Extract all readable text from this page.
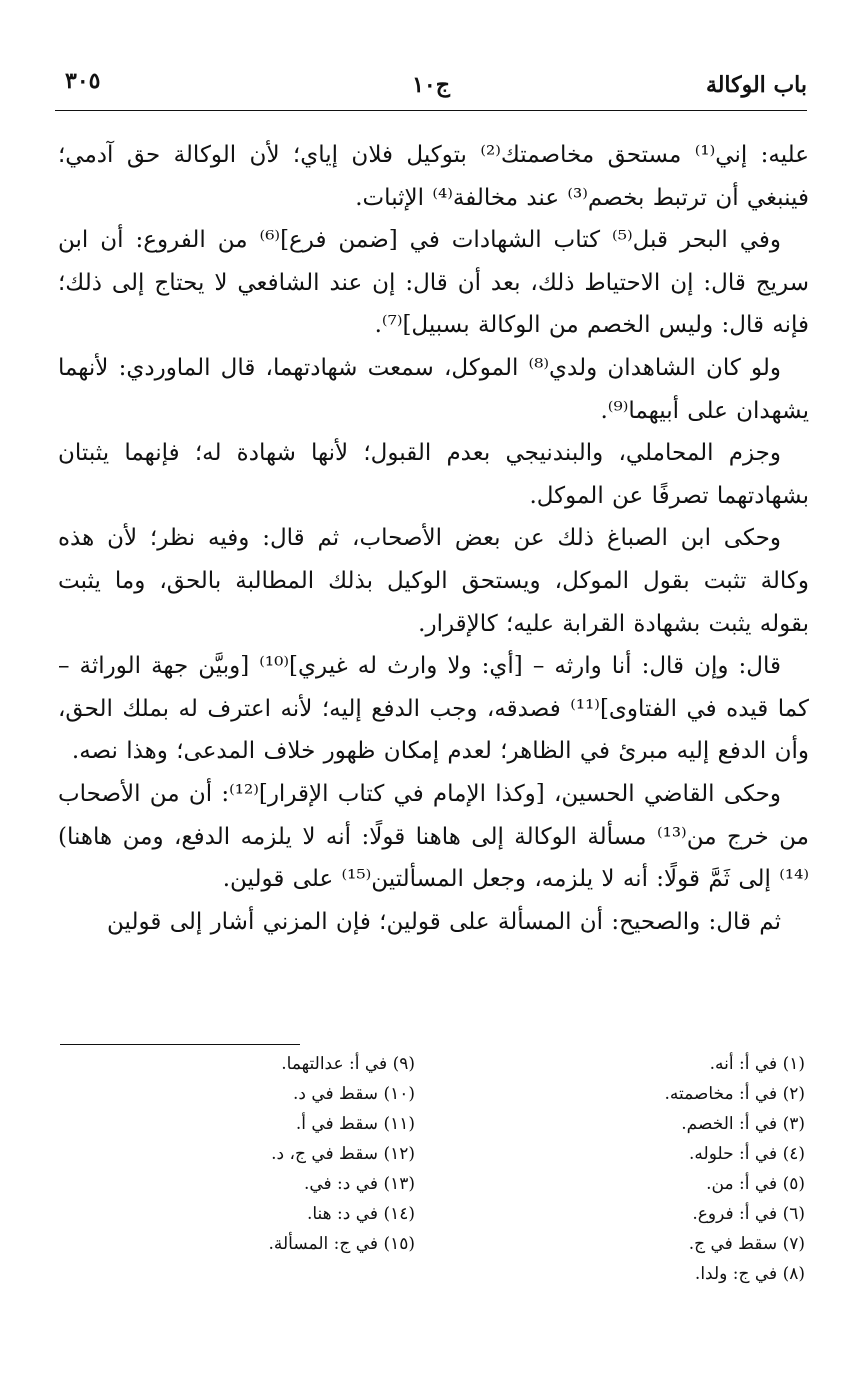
باب الوكالة
ج١٠
٣٠٥

عليه: إني⁽¹⁾ مستحق مخاصمتك⁽²⁾ بتوكيل فلان إياي؛ لأن الوكالة حق آدمي؛ فينبغي أن ترتبط بخصم⁽³⁾ عند مخالفة⁽⁴⁾ الإثبات.

وفي البحر قبل⁽⁵⁾ كتاب الشهادات في [ضمن فرع]⁽⁶⁾ من الفروع: أن ابن سريج قال: إن الاحتياط ذلك، بعد أن قال: إن عند الشافعي لا يحتاج إلى ذلك؛ فإنه قال: وليس الخصم من الوكالة بسبيل]⁽⁷⁾.

ولو كان الشاهدان ولدي⁽⁸⁾ الموكل، سمعت شهادتهما، قال الماوردي: لأنهما يشهدان على أبيهما⁽⁹⁾.

وجزم المحاملي، والبندنيجي بعدم القبول؛ لأنها شهادة له؛ فإنهما يثبتان بشهادتهما تصرفًا عن الموكل.

وحكى ابن الصباغ ذلك عن بعض الأصحاب، ثم قال: وفيه نظر؛ لأن هذه وكالة تثبت بقول الموكل، ويستحق الوكيل بذلك المطالبة بالحق، وما يثبت بقوله يثبت بشهادة القرابة عليه؛ كالإقرار.

قال: وإن قال: أنا وارثه – [أي: ولا وارث له غيري]⁽¹⁰⁾ [وبيَّن جهة الوراثة – كما قيده في الفتاوى]⁽¹¹⁾ فصدقه، وجب الدفع إليه؛ لأنه اعترف له بملك الحق، وأن الدفع إليه مبرئ في الظاهر؛ لعدم إمكان ظهور خلاف المدعى؛ وهذا نصه.

وحكى القاضي الحسين، [وكذا الإمام في كتاب الإقرار]⁽¹²⁾: أن من الأصحاب من خرج من⁽¹³⁾ مسألة الوكالة إلى هاهنا قولًا: أنه لا يلزمه الدفع، ومن هاهنا)⁽¹⁴⁾ إلى ثَمَّ قولًا: أنه لا يلزمه، وجعل المسألتين⁽¹⁵⁾ على قولين.

ثم قال: والصحيح: أن المسألة على قولين؛ فإن المزني أشار إلى قولين

(١) في أ: أنه.
(٢) في أ: مخاصمته.
(٣) في أ: الخصم.
(٤) في أ: حلوله.
(٥) في أ: من.
(٦) في أ: فروع.
(٧) سقط في ج.
(٨) في ج: ولدا.
(٩) في أ: عدالتهما.
(١٠) سقط في د.
(١١) سقط في أ.
(١٢) سقط في ج، د.
(١٣) في د: في.
(١٤) في د: هنا.
(١٥) في ج: المسألة.
